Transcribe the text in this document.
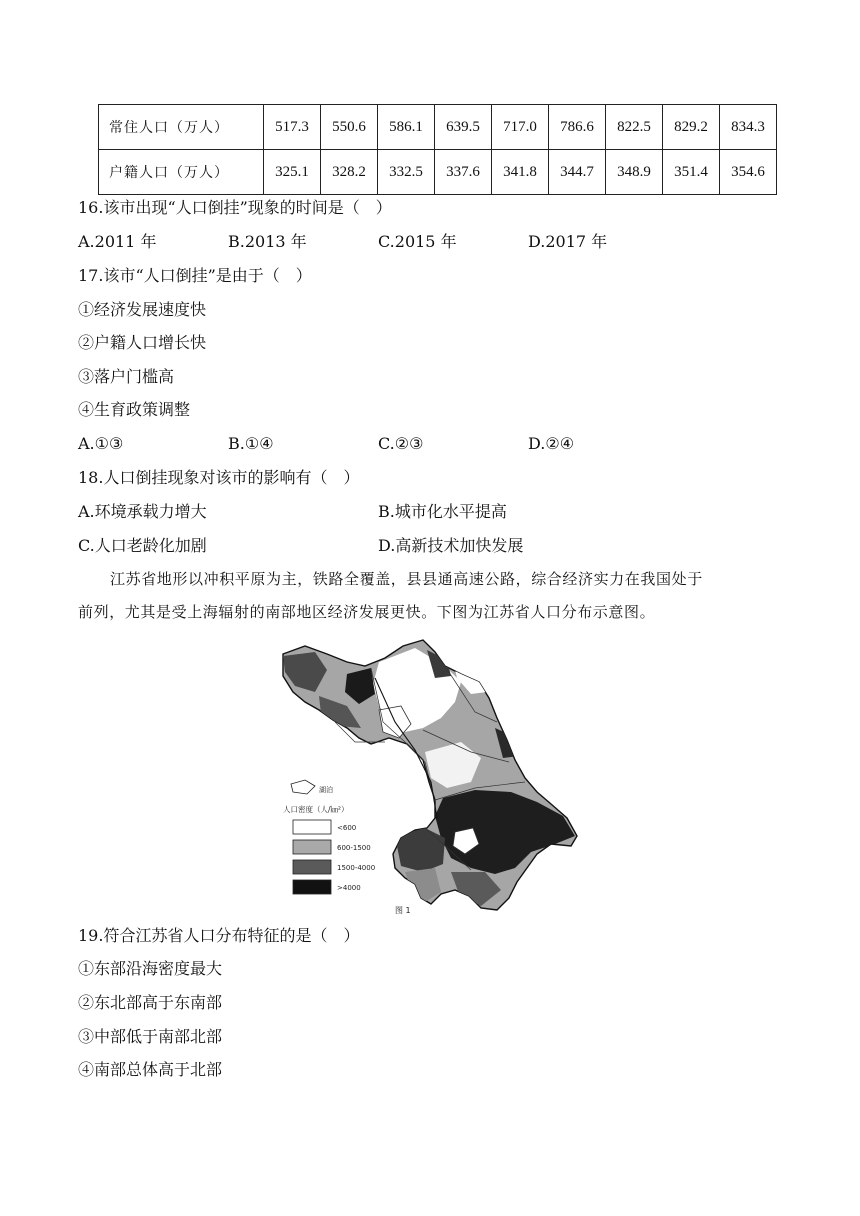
常住人口（万人）	517.3	550.6	586.1	639.5	717.0	786.6	822.5	829.2	834.3
户籍人口（万人）	325.1	328.2	332.5	337.6	341.8	344.7	348.9	351.4	354.6
16.该市出现“人口倒挂”现象的时间是（　）
A.2011 年	B.2013 年	C.2015 年	D.2017 年
17.该市“人口倒挂”是由于（　）
①经济发展速度快
②户籍人口增长快
③落户门槛高
④生育政策调整
A.①③	B.①④	C.②③	D.②④
18.人口倒挂现象对该市的影响有（　）
A.环境承载力增大	B.城市化水平提高
C.人口老龄化加剧	D.高新技术加快发展
江苏省地形以冲积平原为主，铁路全覆盖，县县通高速公路，综合经济实力在我国处于
前列，尤其是受上海辐射的南部地区经济发展更快。下图为江苏省人口分布示意图。
湖泊
人口密度（人/㎞²）
<600
600-1500
1500-4000
>4000
图 1
19.符合江苏省人口分布特征的是（　）
①东部沿海密度最大
②东北部高于东南部
③中部低于南部北部
④南部总体高于北部
